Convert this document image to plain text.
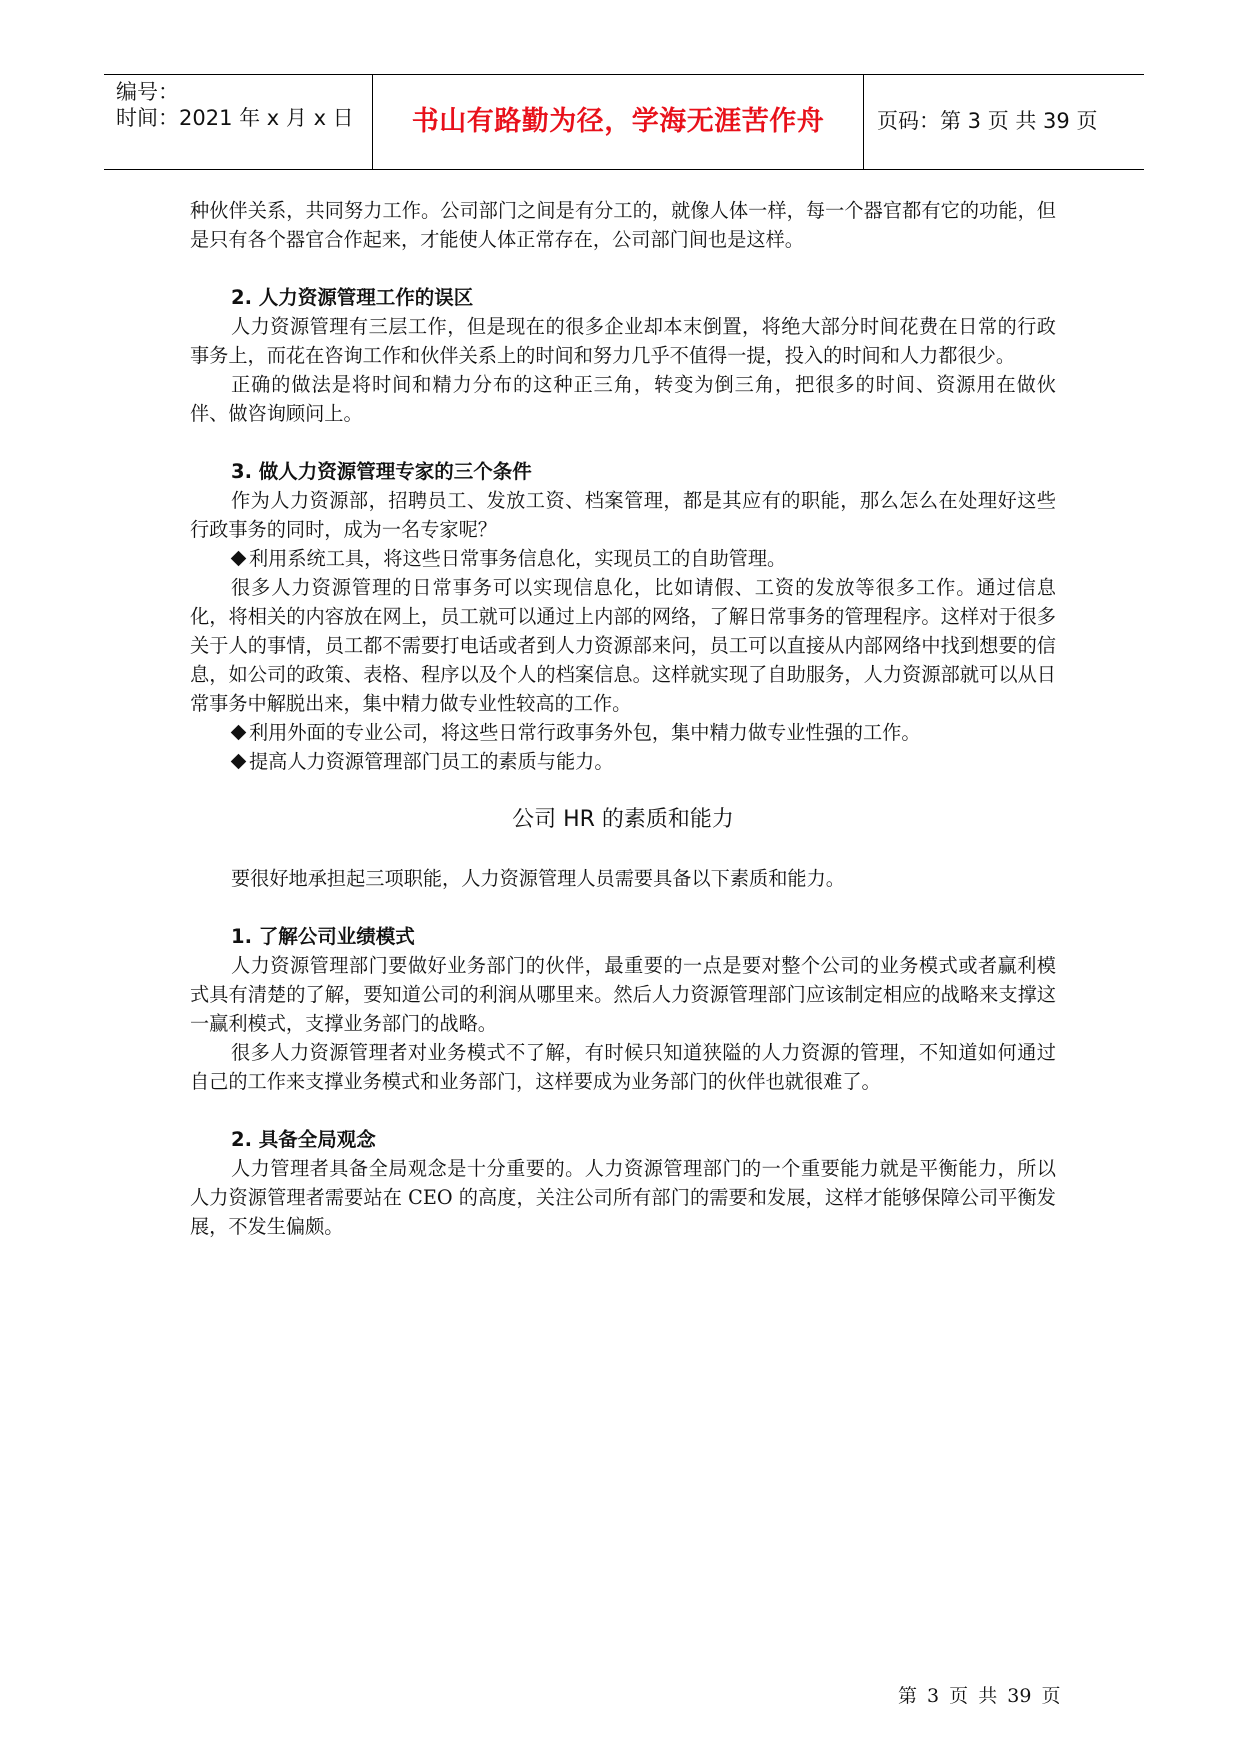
编号：
时间：2021 年 x 月 x 日	书山有路勤为径，学海无涯苦作舟	页码：第 3 页 共 39 页

种伙伴关系，共同努力工作。公司部门之间是有分工的，就像人体一样，每一个器官都有它的功能，但是只有各个器官合作起来，才能使人体正常存在，公司部门间也是这样。

2. 人力资源管理工作的误区

人力资源管理有三层工作，但是现在的很多企业却本末倒置，将绝大部分时间花费在日常的行政事务上，而花在咨询工作和伙伴关系上的时间和努力几乎不值得一提，投入的时间和人力都很少。

正确的做法是将时间和精力分布的这种正三角，转变为倒三角，把很多的时间、资源用在做伙伴、做咨询顾问上。

3. 做人力资源管理专家的三个条件

作为人力资源部，招聘员工、发放工资、档案管理，都是其应有的职能，那么怎么在处理好这些行政事务的同时，成为一名专家呢？

利用系统工具，将这些日常事务信息化，实现员工的自助管理。

很多人力资源管理的日常事务可以实现信息化，比如请假、工资的发放等很多工作。通过信息化，将相关的内容放在网上，员工就可以通过上内部的网络，了解日常事务的管理程序。这样对于很多关于人的事情，员工都不需要打电话或者到人力资源部来问，员工可以直接从内部网络中找到想要的信息，如公司的政策、表格、程序以及个人的档案信息。这样就实现了自助服务，人力资源部就可以从日常事务中解脱出来，集中精力做专业性较高的工作。

利用外面的专业公司，将这些日常行政事务外包，集中精力做专业性强的工作。

提高人力资源管理部门员工的素质与能力。

公司 HR 的素质和能力

要很好地承担起三项职能，人力资源管理人员需要具备以下素质和能力。

1. 了解公司业绩模式

人力资源管理部门要做好业务部门的伙伴，最重要的一点是要对整个公司的业务模式或者赢利模式具有清楚的了解，要知道公司的利润从哪里来。然后人力资源管理部门应该制定相应的战略来支撑这一赢利模式，支撑业务部门的战略。

很多人力资源管理者对业务模式不了解，有时候只知道狭隘的人力资源的管理，不知道如何通过自己的工作来支撑业务模式和业务部门，这样要成为业务部门的伙伴也就很难了。

2. 具备全局观念

人力管理者具备全局观念是十分重要的。人力资源管理部门的一个重要能力就是平衡能力，所以人力资源管理者需要站在 CEO 的高度，关注公司所有部门的需要和发展，这样才能够保障公司平衡发展，不发生偏颇。

第 3 页 共 39 页
